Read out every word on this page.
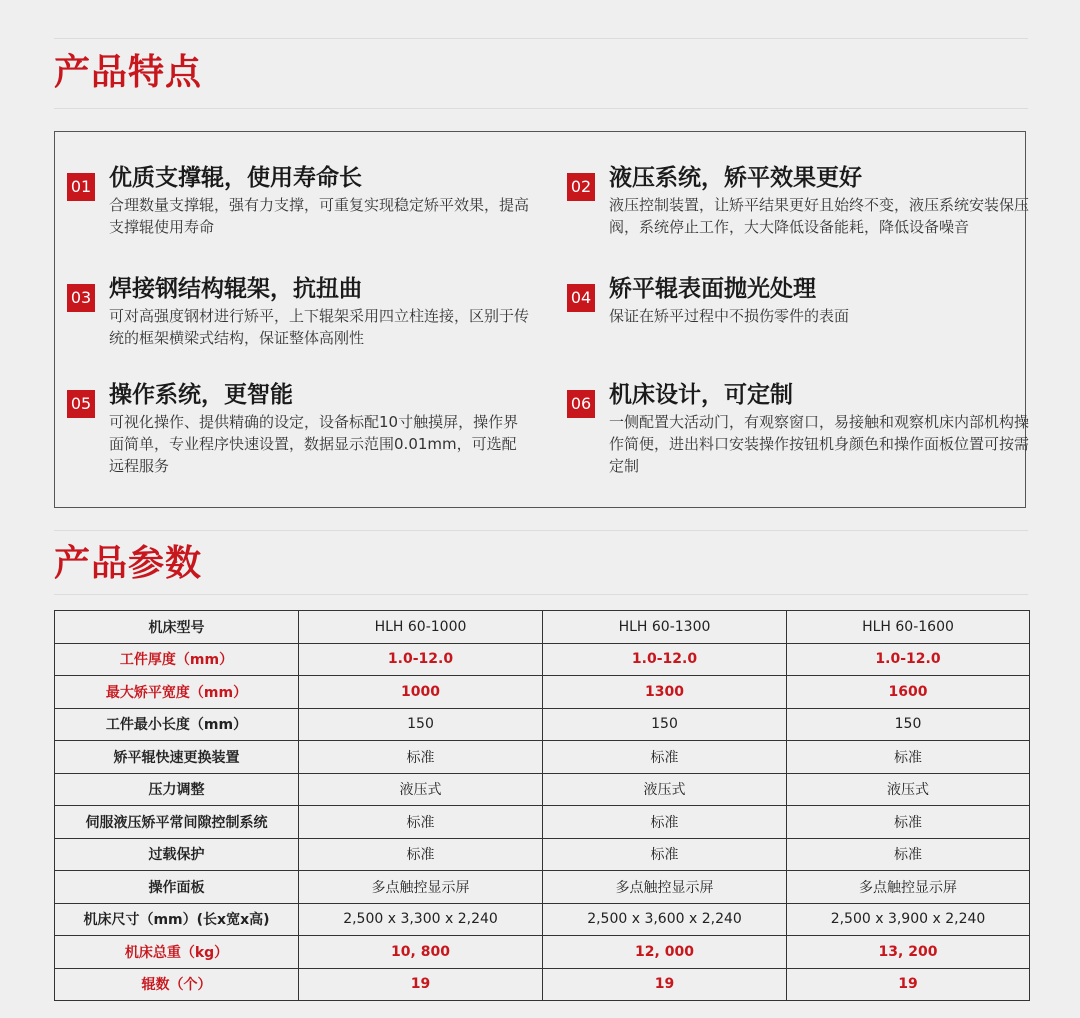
产品特点
01 优质支撑辊，使用寿命长
合理数量支撑辊，强有力支撑，可重复实现稳定矫平效果，提高支撑辊使用寿命
02 液压系统，矫平效果更好
液压控制装置，让矫平结果更好且始终不变，液压系统安装保压阀，系统停止工作，大大降低设备能耗，降低设备噪音
03 焊接钢结构辊架，抗扭曲
可对高强度钢材进行矫平，上下辊架采用四立柱连接，区别于传统的框架横梁式结构，保证整体高刚性
04 矫平辊表面抛光处理
保证在矫平过程中不损伤零件的表面
05 操作系统，更智能
可视化操作、提供精确的设定，设备标配10寸触摸屏，操作界面简单，专业程序快速设置，数据显示范围0.01mm，可选配远程服务
06 机床设计，可定制
一侧配置大活动门，有观察窗口，易接触和观察机床内部机构操作简便，进出料口安装操作按钮机身颜色和操作面板位置可按需定制
产品参数
机床型号	HLH 60-1000	HLH 60-1300	HLH 60-1600
工件厚度（mm）	1.0-12.0	1.0-12.0	1.0-12.0
最大矫平宽度（mm）	1000	1300	1600
工件最小长度（mm）	150	150	150
矫平辊快速更换装置	标准	标准	标准
压力调整	液压式	液压式	液压式
伺服液压矫平常间隙控制系统	标准	标准	标准
过载保护	标准	标准	标准
操作面板	多点触控显示屏	多点触控显示屏	多点触控显示屏
机床尺寸（mm）(长x宽x高)	2,500 x 3,300 x 2,240	2,500 x 3,600 x 2,240	2,500 x 3,900 x 2,240
机床总重（kg）	10, 800	12, 000	13, 200
辊数（个）	19	19	19
